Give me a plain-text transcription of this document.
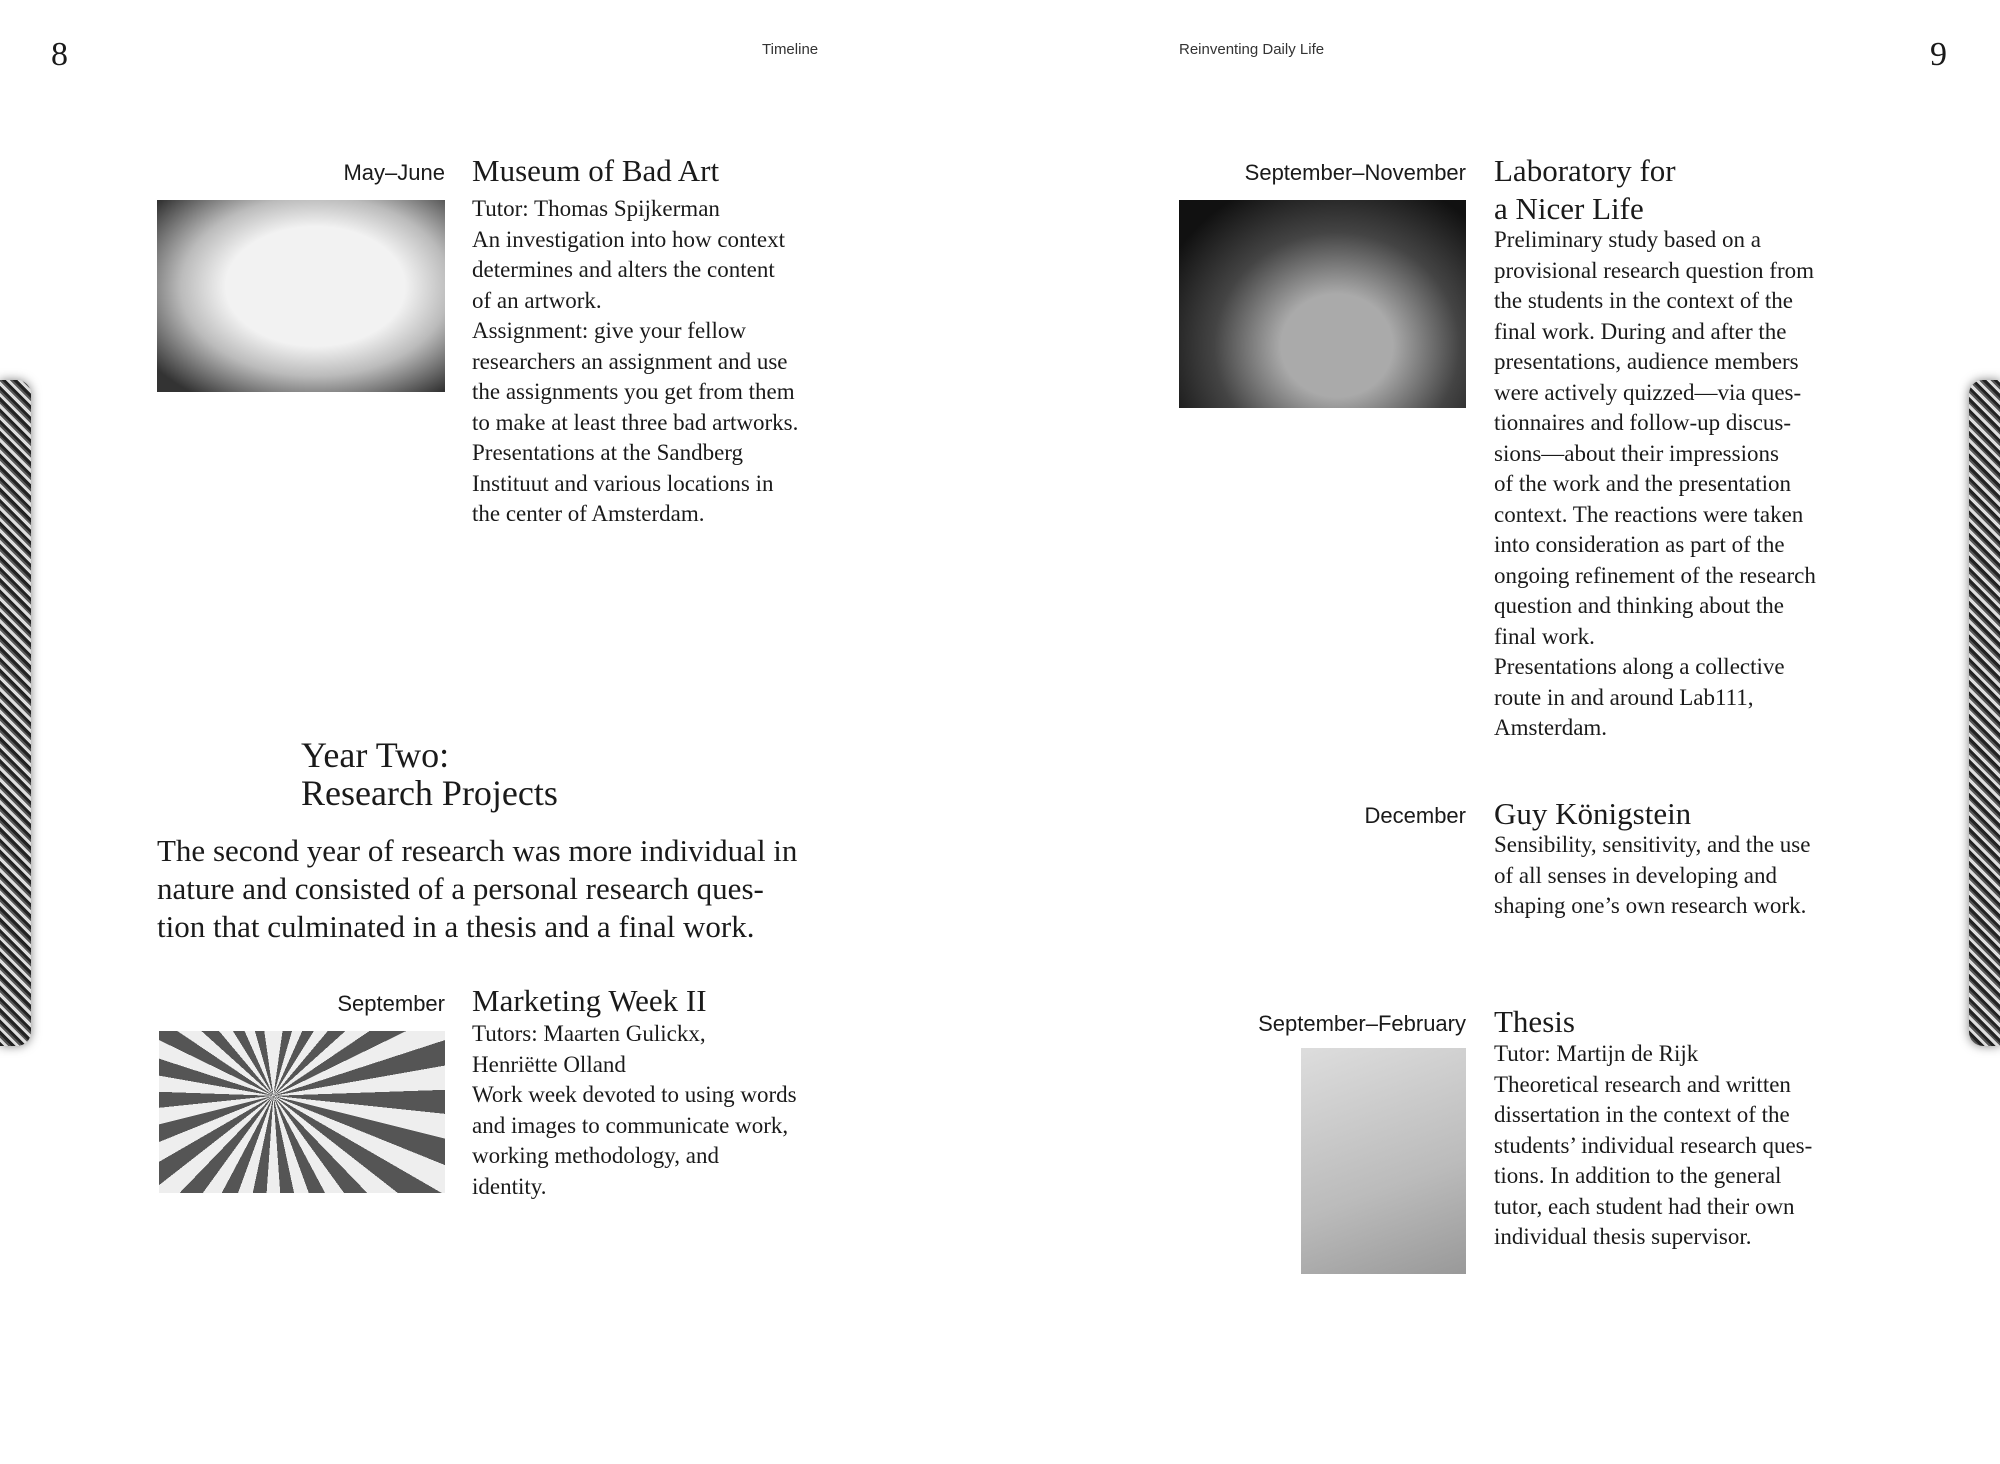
8	Timeline	Reinventing Daily Life	9
May–June Museum of Bad Art
Tutor: Thomas Spijkerman
An investigation into how context
determines and alters the content
of an artwork.
Assignment: give your fellow
researchers an assignment and use
the assignments you get from them
to make at least three bad artworks.
Presentations at the Sandberg
Instituut and various locations in
the center of Amsterdam.
Year Two:
Research Projects
The second year of research was more individual in
nature and consisted of a personal research ques-
tion that culminated in a thesis and a final work.
September Marketing Week II
Tutors: Maarten Gulickx,
Henriëtte Olland
Work week devoted to using words
and images to communicate work,
working methodology, and
identity.
September–November Laboratory for
a Nicer Life
Preliminary study based on a
provisional research question from
the students in the context of the
final work. During and after the
presentations, audience members
were actively quizzed—via ques-
tionnaires and follow-up discus-
sions—about their impressions
of the work and the presentation
context. The reactions were taken
into consideration as part of the
ongoing refinement of the research
question and thinking about the
final work.
Presentations along a collective
route in and around Lab111,
Amsterdam.
December Guy Königstein
Sensibility, sensitivity, and the use
of all senses in developing and
shaping one’s own research work.
September–February Thesis
Tutor: Martijn de Rijk
Theoretical research and written
dissertation in the context of the
students’ individual research ques-
tions. In addition to the general
tutor, each student had their own
individual thesis supervisor.
